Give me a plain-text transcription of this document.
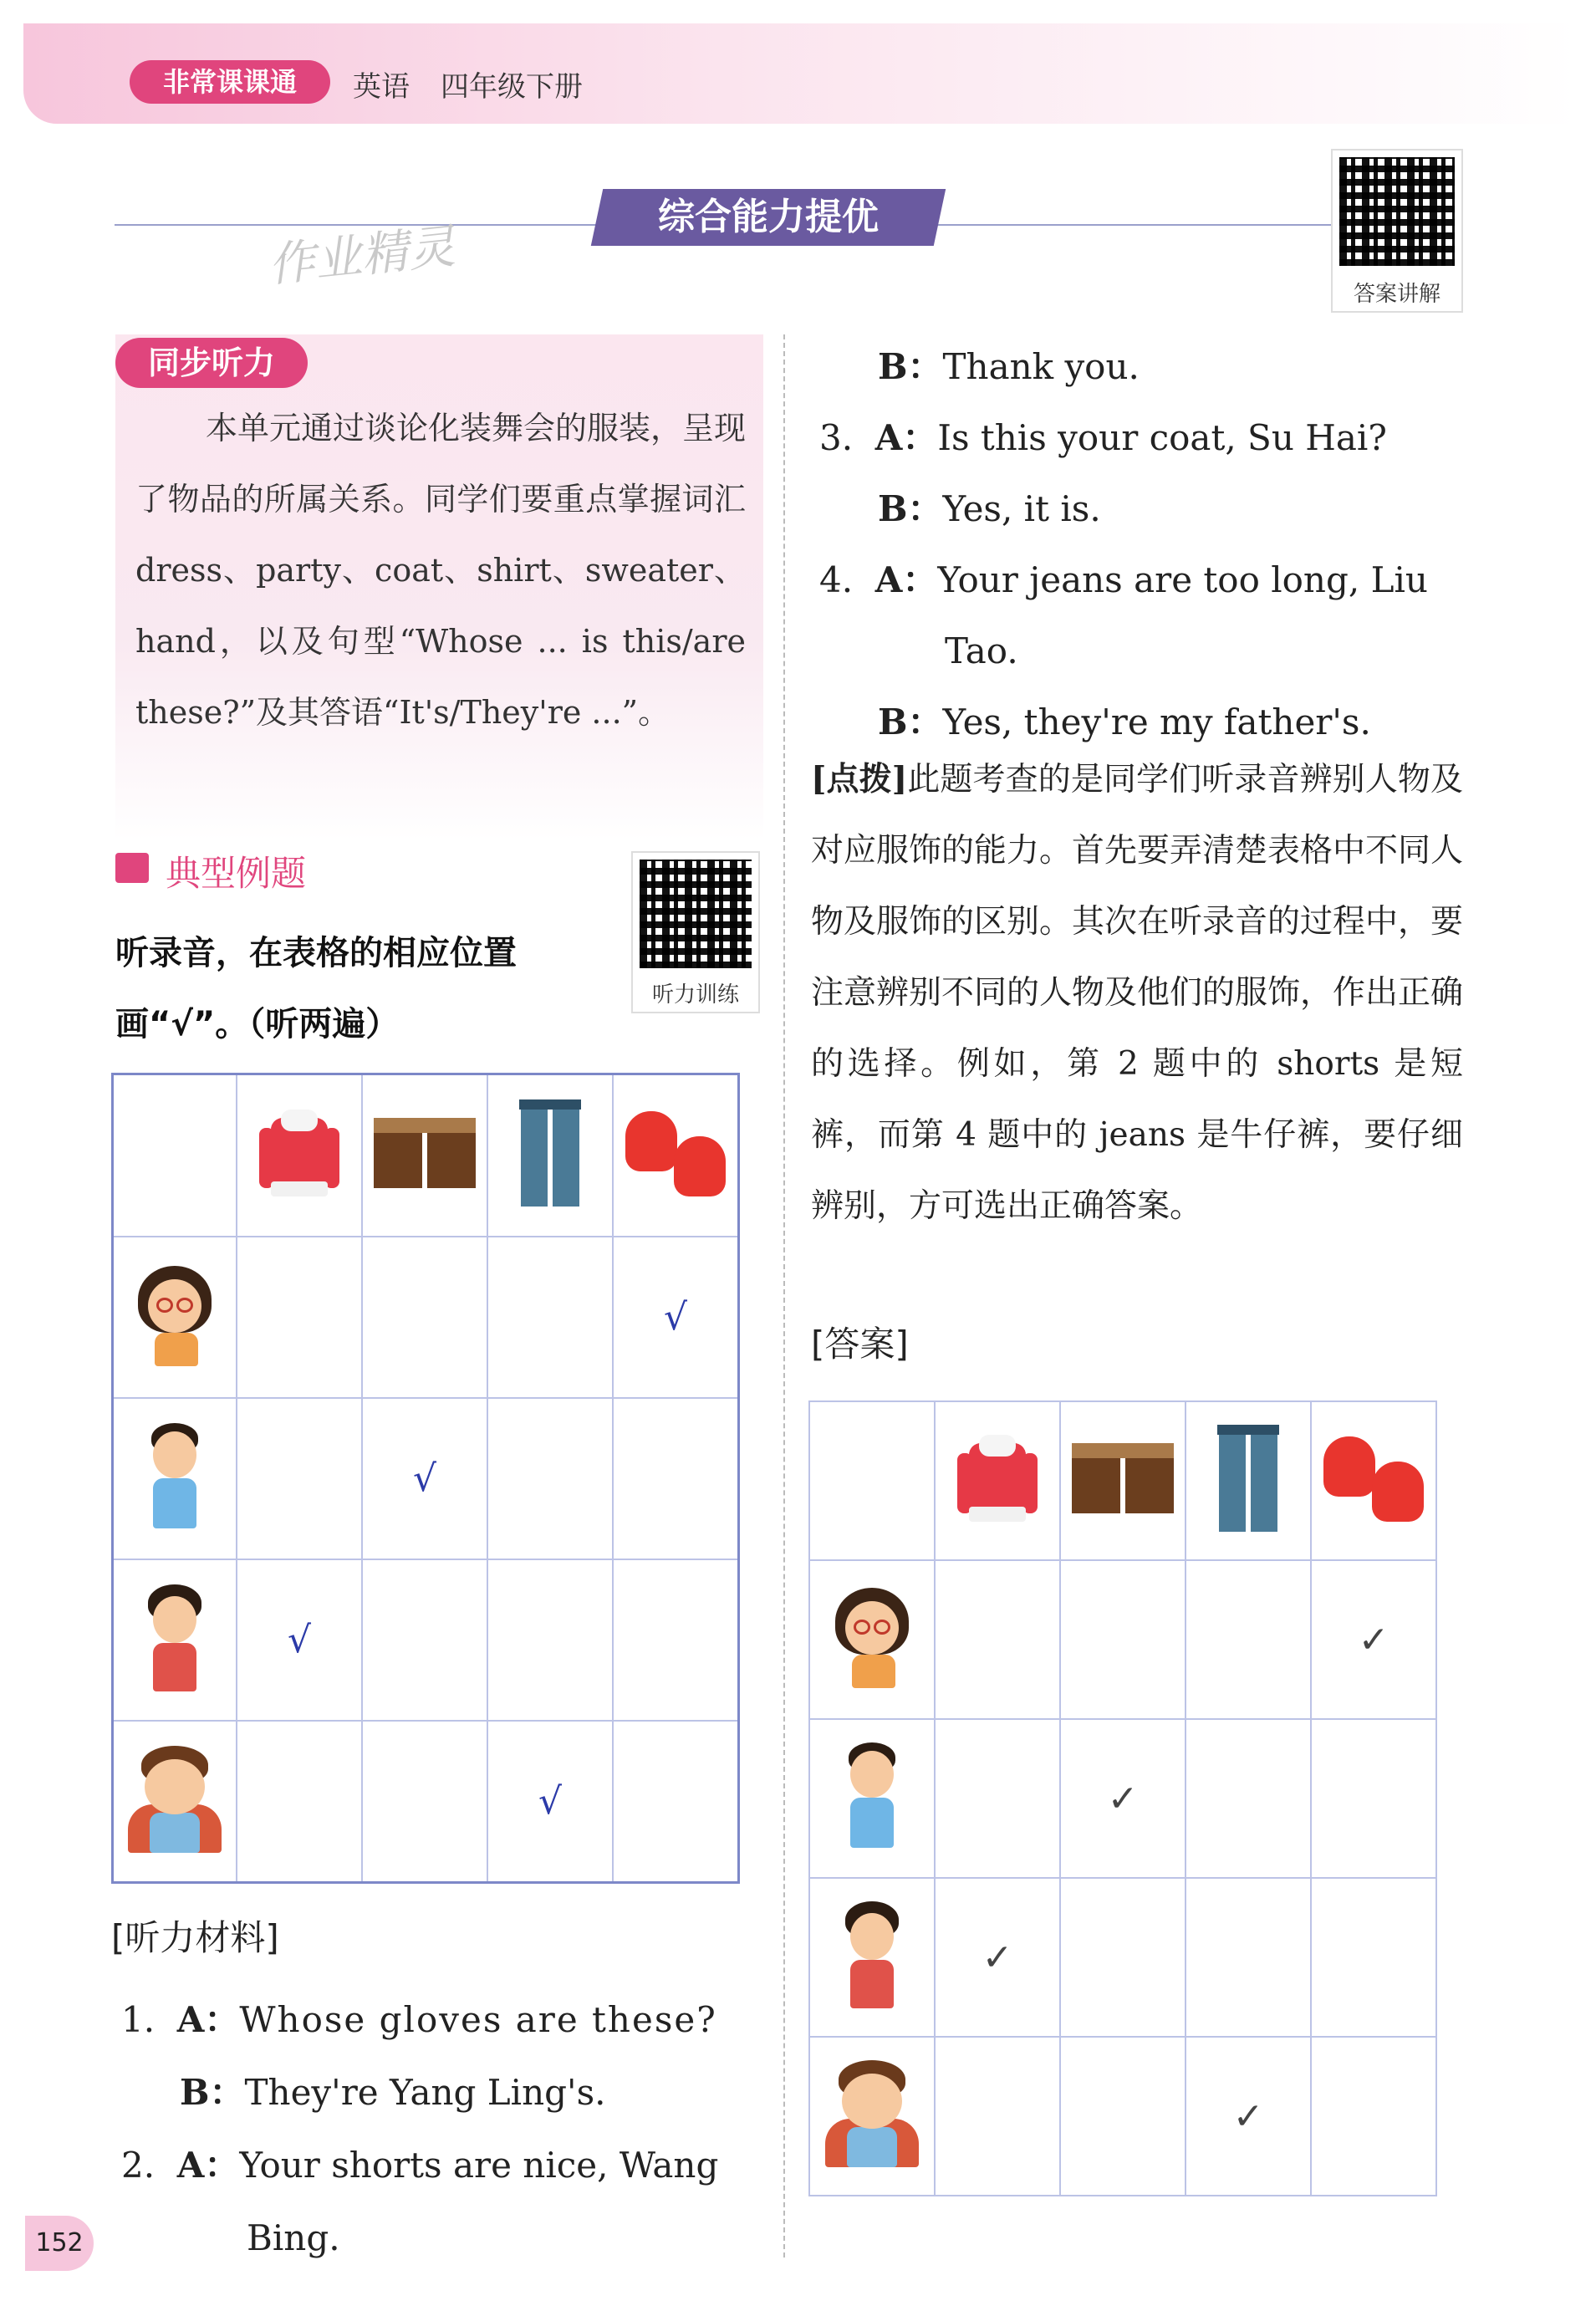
非常课课通	英语 四年级下册
综合能力提优
作业精灵
答案讲解
同步听力
本单元通过谈论化装舞会的服装，呈现了物品的所属关系。同学们要重点掌握词汇 dress、party、coat、shirt、sweater、hand，以及句型“Whose ... is this/are these?”及其答语“It's/They're ...”。
典型例题
听录音，在表格的相应位置
画“√”。（听两遍）
听力训练

				√

		√		

	√			

			√	
[听力材料]
1. A：Whose gloves are these?
B：They're Yang Ling's.
2. A：Your shorts are nice, Wang
Bing.
B：Thank you.
3. A：Is this your coat, Su Hai?
B：Yes, it is.
4. A：Your jeans are too long, Liu
Tao.
B：Yes, they're my father's.
[点拨]此题考查的是同学们听录音辨别人物及对应服饰的能力。首先要弄清楚表格中不同人物及服饰的区别。其次在听录音的过程中，要注意辨别不同的人物及他们的服饰，作出正确的选择。例如，第 2 题中的 shorts 是短裤，而第 4 题中的 jeans 是牛仔裤，要仔细辨别，方可选出正确答案。
[答案]

				✓

		✓		

	✓			

			✓	
152
